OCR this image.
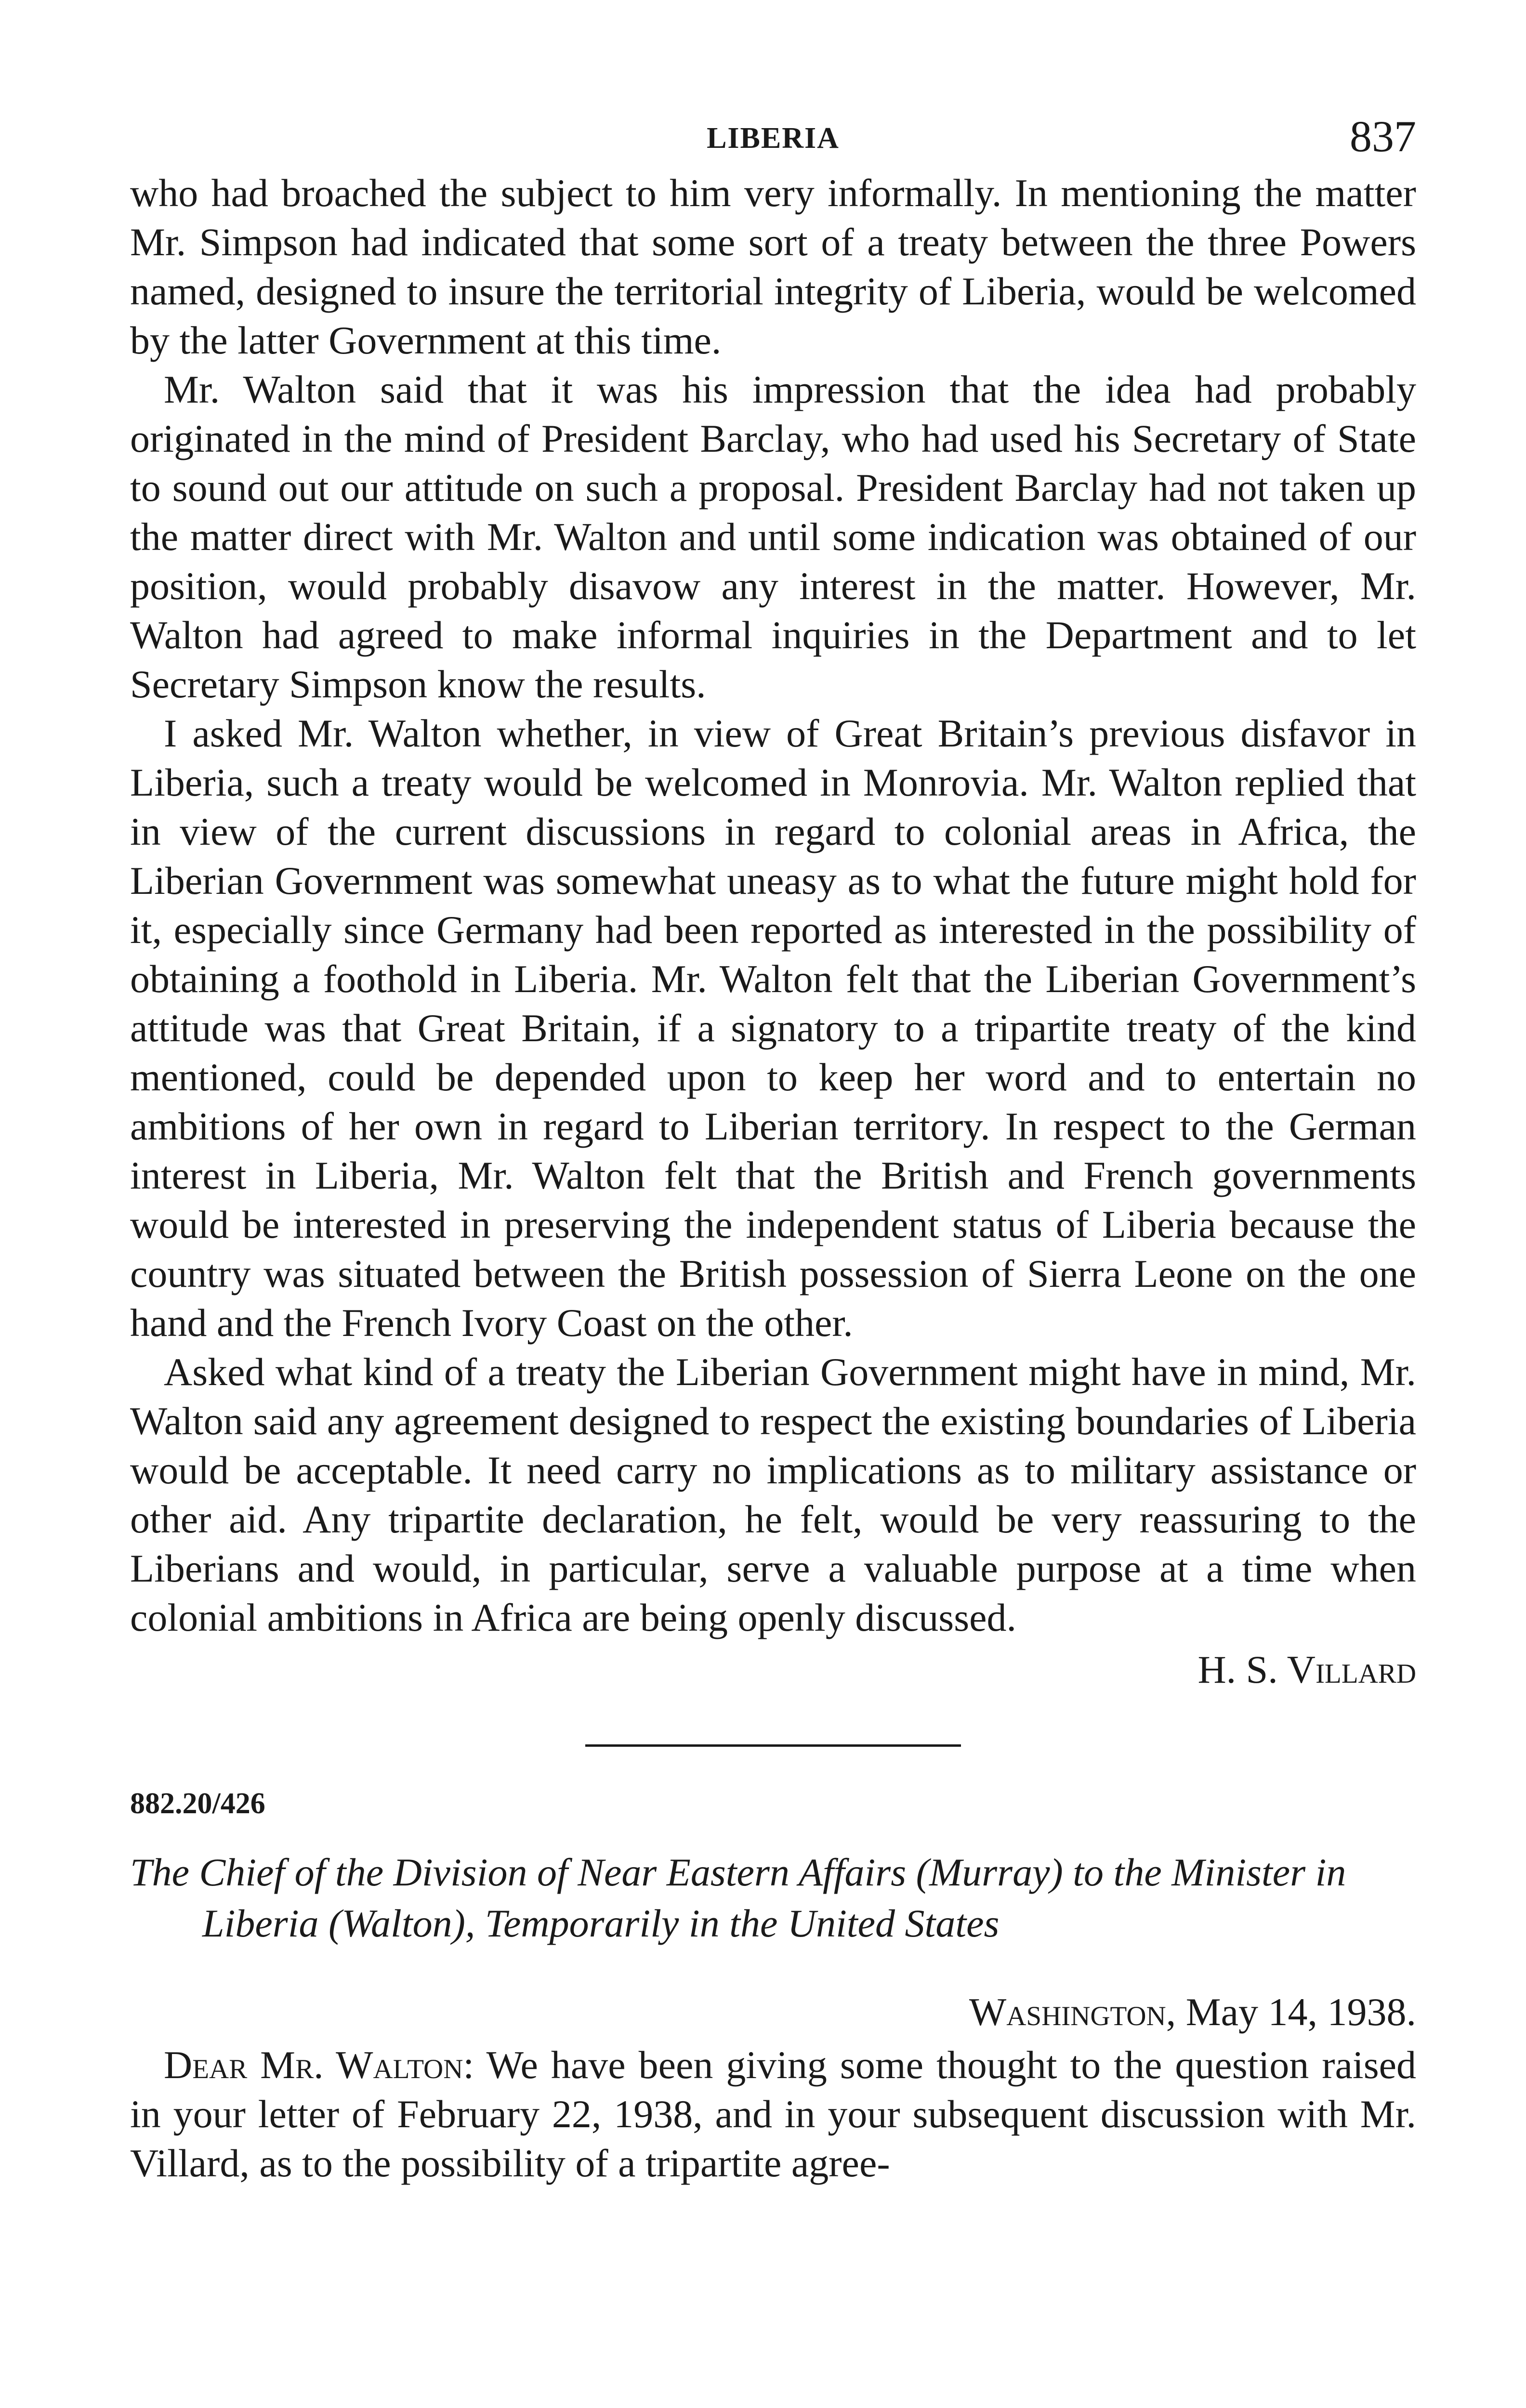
LIBERIA	837

who had broached the subject to him very informally. In mentioning the matter Mr. Simpson had indicated that some sort of a treaty between the three Powers named, designed to insure the territorial integrity of Liberia, would be welcomed by the latter Government at this time.

Mr. Walton said that it was his impression that the idea had probably originated in the mind of President Barclay, who had used his Secretary of State to sound out our attitude on such a proposal. President Barclay had not taken up the matter direct with Mr. Walton and until some indication was obtained of our position, would probably disavow any interest in the matter. However, Mr. Walton had agreed to make informal inquiries in the Department and to let Secretary Simpson know the results.

I asked Mr. Walton whether, in view of Great Britain’s previous disfavor in Liberia, such a treaty would be welcomed in Monrovia. Mr. Walton replied that in view of the current discussions in regard to colonial areas in Africa, the Liberian Government was somewhat uneasy as to what the future might hold for it, especially since Germany had been reported as interested in the possibility of obtaining a foothold in Liberia. Mr. Walton felt that the Liberian Government’s attitude was that Great Britain, if a signatory to a tripartite treaty of the kind mentioned, could be depended upon to keep her word and to entertain no ambitions of her own in regard to Liberian territory. In respect to the German interest in Liberia, Mr. Walton felt that the British and French governments would be interested in preserving the independent status of Liberia because the country was situated between the British possession of Sierra Leone on the one hand and the French Ivory Coast on the other.

Asked what kind of a treaty the Liberian Government might have in mind, Mr. Walton said any agreement designed to respect the existing boundaries of Liberia would be acceptable. It need carry no implications as to military assistance or other aid. Any tripartite declaration, he felt, would be very reassuring to the Liberians and would, in particular, serve a valuable purpose at a time when colonial ambitions in Africa are being openly discussed.

H. S. Villard
882.20/426

The Chief of the Division of Near Eastern Affairs (Murray) to the Minister in Liberia (Walton), Temporarily in the United States

Washington, May 14, 1938.

Dear Mr. Walton: We have been giving some thought to the question raised in your letter of February 22, 1938, and in your subsequent discussion with Mr. Villard, as to the possibility of a tripartite agree-
